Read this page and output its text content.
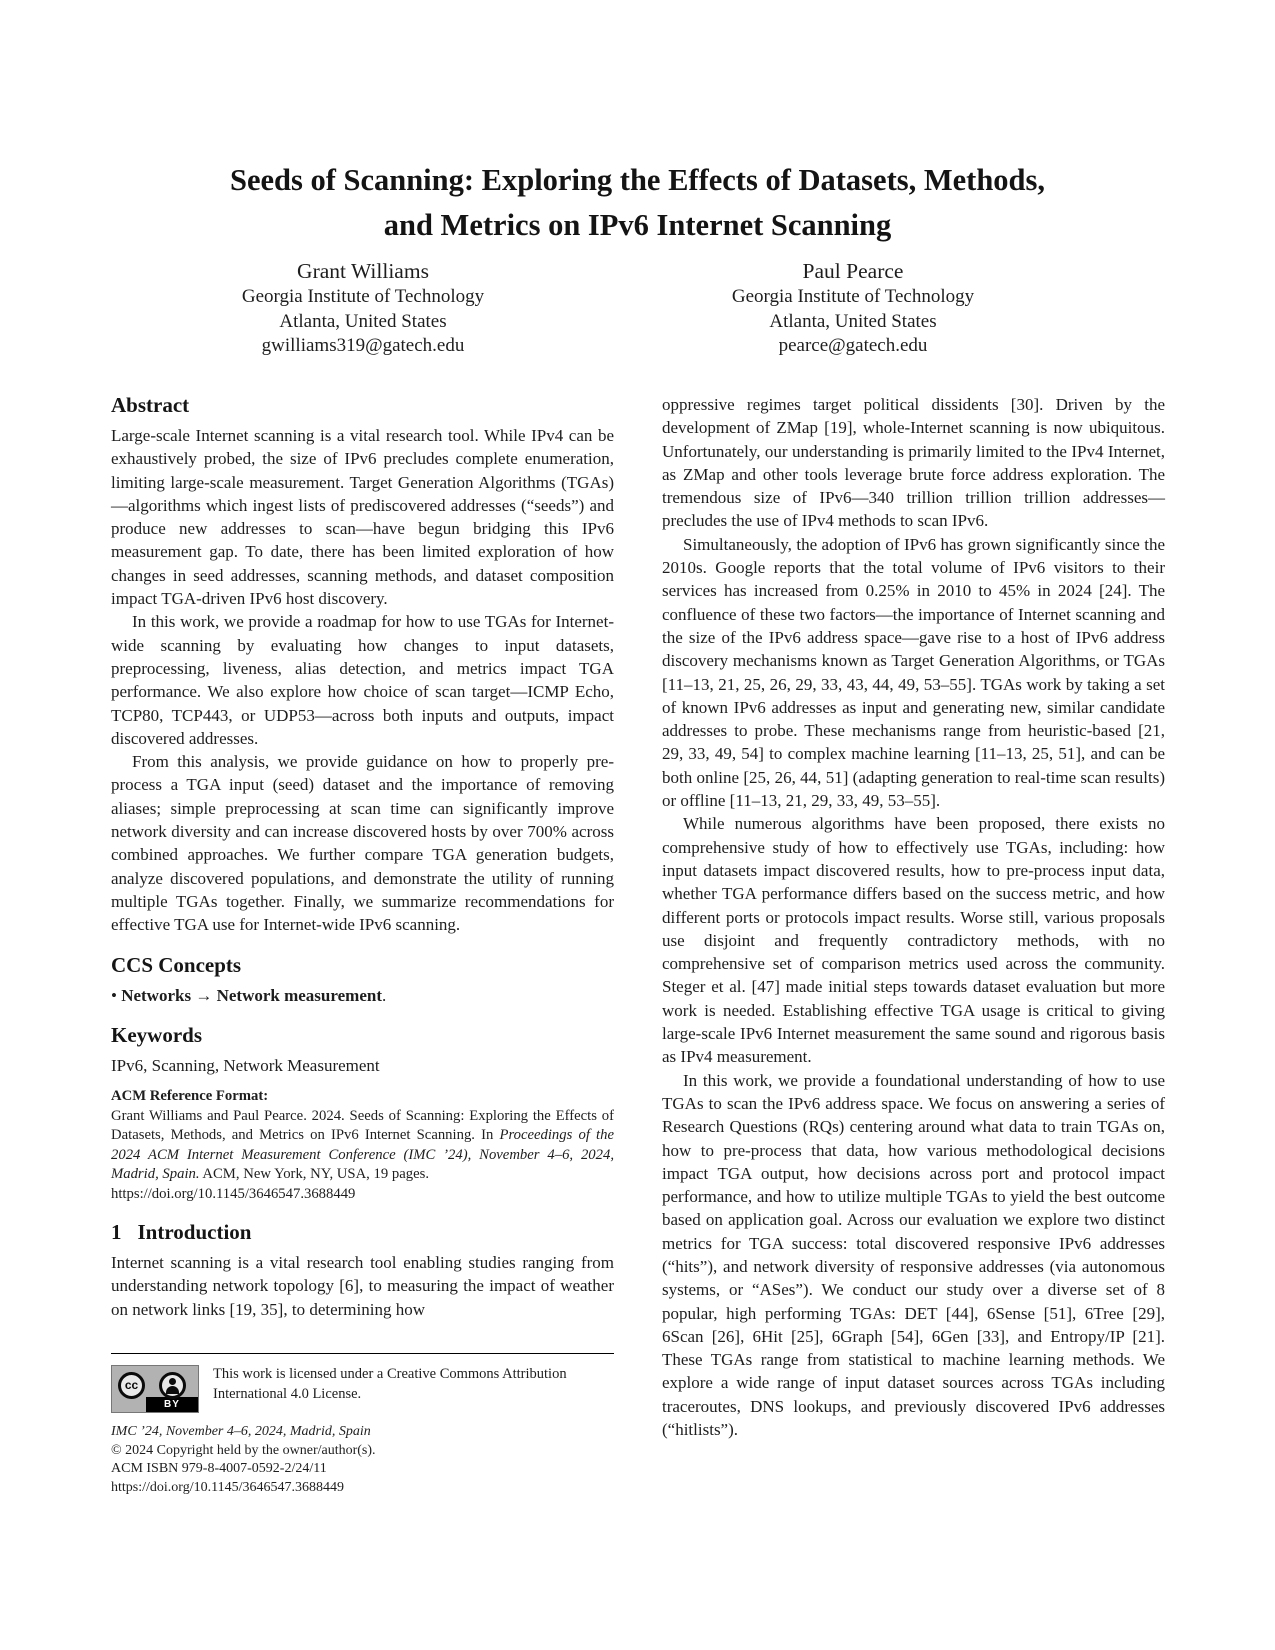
Seeds of Scanning: Exploring the Effects of Datasets, Methods,
and Metrics on IPv6 Internet Scanning

Grant Williams

Georgia Institute of Technology

Atlanta, United States

gwilliams319@gatech.edu

Paul Pearce

Georgia Institute of Technology

Atlanta, United States

pearce@gatech.edu

Abstract

Large-scale Internet scanning is a vital research tool. While IPv4 can be exhaustively probed, the size of IPv6 precludes complete enumeration, limiting large-scale measurement. Target Generation Algorithms (TGAs)—algorithms which ingest lists of prediscovered addresses (“seeds”) and produce new addresses to scan—have begun bridging this IPv6 measurement gap. To date, there has been limited exploration of how changes in seed addresses, scanning methods, and dataset composition impact TGA-driven IPv6 host discovery.

In this work, we provide a roadmap for how to use TGAs for Internet-wide scanning by evaluating how changes to input datasets, preprocessing, liveness, alias detection, and metrics impact TGA performance. We also explore how choice of scan target—ICMP Echo, TCP80, TCP443, or UDP53—across both inputs and outputs, impact discovered addresses.

From this analysis, we provide guidance on how to properly pre-process a TGA input (seed) dataset and the importance of removing aliases; simple preprocessing at scan time can significantly improve network diversity and can increase discovered hosts by over 700% across combined approaches. We further compare TGA generation budgets, analyze discovered populations, and demonstrate the utility of running multiple TGAs together. Finally, we summarize recommendations for effective TGA use for Internet-wide IPv6 scanning.

CCS Concepts

• Networks → Network measurement.

Keywords

IPv6, Scanning, Network Measurement

ACM Reference Format:

Grant Williams and Paul Pearce. 2024. Seeds of Scanning: Exploring the Effects of Datasets, Methods, and Metrics on IPv6 Internet Scanning. In Proceedings of the 2024 ACM Internet Measurement Conference (IMC ’24), November 4–6, 2024, Madrid, Spain. ACM, New York, NY, USA, 19 pages.

https://doi.org/10.1145/3646547.3688449

1 Introduction

Internet scanning is a vital research tool enabling studies ranging from understanding network topology [6], to measuring the impact of weather on network links [19, 35], to determining how

oppressive regimes target political dissidents [30]. Driven by the development of ZMap [19], whole-Internet scanning is now ubiquitous. Unfortunately, our understanding is primarily limited to the IPv4 Internet, as ZMap and other tools leverage brute force address exploration. The tremendous size of IPv6—340 trillion trillion trillion addresses—precludes the use of IPv4 methods to scan IPv6.

Simultaneously, the adoption of IPv6 has grown significantly since the 2010s. Google reports that the total volume of IPv6 visitors to their services has increased from 0.25% in 2010 to 45% in 2024 [24]. The confluence of these two factors—the importance of Internet scanning and the size of the IPv6 address space—gave rise to a host of IPv6 address discovery mechanisms known as Target Generation Algorithms, or TGAs [11–13, 21, 25, 26, 29, 33, 43, 44, 49, 53–55]. TGAs work by taking a set of known IPv6 addresses as input and generating new, similar candidate addresses to probe. These mechanisms range from heuristic-based [21, 29, 33, 49, 54] to complex machine learning [11–13, 25, 51], and can be both online [25, 26, 44, 51] (adapting generation to real-time scan results) or offline [11–13, 21, 29, 33, 49, 53–55].

While numerous algorithms have been proposed, there exists no comprehensive study of how to effectively use TGAs, including: how input datasets impact discovered results, how to pre-process input data, whether TGA performance differs based on the success metric, and how different ports or protocols impact results. Worse still, various proposals use disjoint and frequently contradictory methods, with no comprehensive set of comparison metrics used across the community. Steger et al. [47] made initial steps towards dataset evaluation but more work is needed. Establishing effective TGA usage is critical to giving large-scale IPv6 Internet measurement the same sound and rigorous basis as IPv4 measurement.

In this work, we provide a foundational understanding of how to use TGAs to scan the IPv6 address space. We focus on answering a series of Research Questions (RQs) centering around what data to train TGAs on, how to pre-process that data, how various methodological decisions impact TGA output, how decisions across port and protocol impact performance, and how to utilize multiple TGAs to yield the best outcome based on application goal. Across our evaluation we explore two distinct metrics for TGA success: total discovered responsive IPv6 addresses (“hits”), and network diversity of responsive addresses (via autonomous systems, or “ASes”). We conduct our study over a diverse set of 8 popular, high performing TGAs: DET [44], 6Sense [51], 6Tree [29], 6Scan [26], 6Hit [25], 6Graph [54], 6Gen [33], and Entropy/IP [21]. These TGAs range from statistical to machine learning methods. We explore a wide range of input dataset sources across TGAs including traceroutes, DNS lookups, and previously discovered IPv6 addresses (“hitlists”).

cc
BY

This work is licensed under a Creative Commons Attribution International 4.0 License.

IMC ’24, November 4–6, 2024, Madrid, Spain

© 2024 Copyright held by the owner/author(s).

ACM ISBN 979-8-4007-0592-2/24/11

https://doi.org/10.1145/3646547.3688449
